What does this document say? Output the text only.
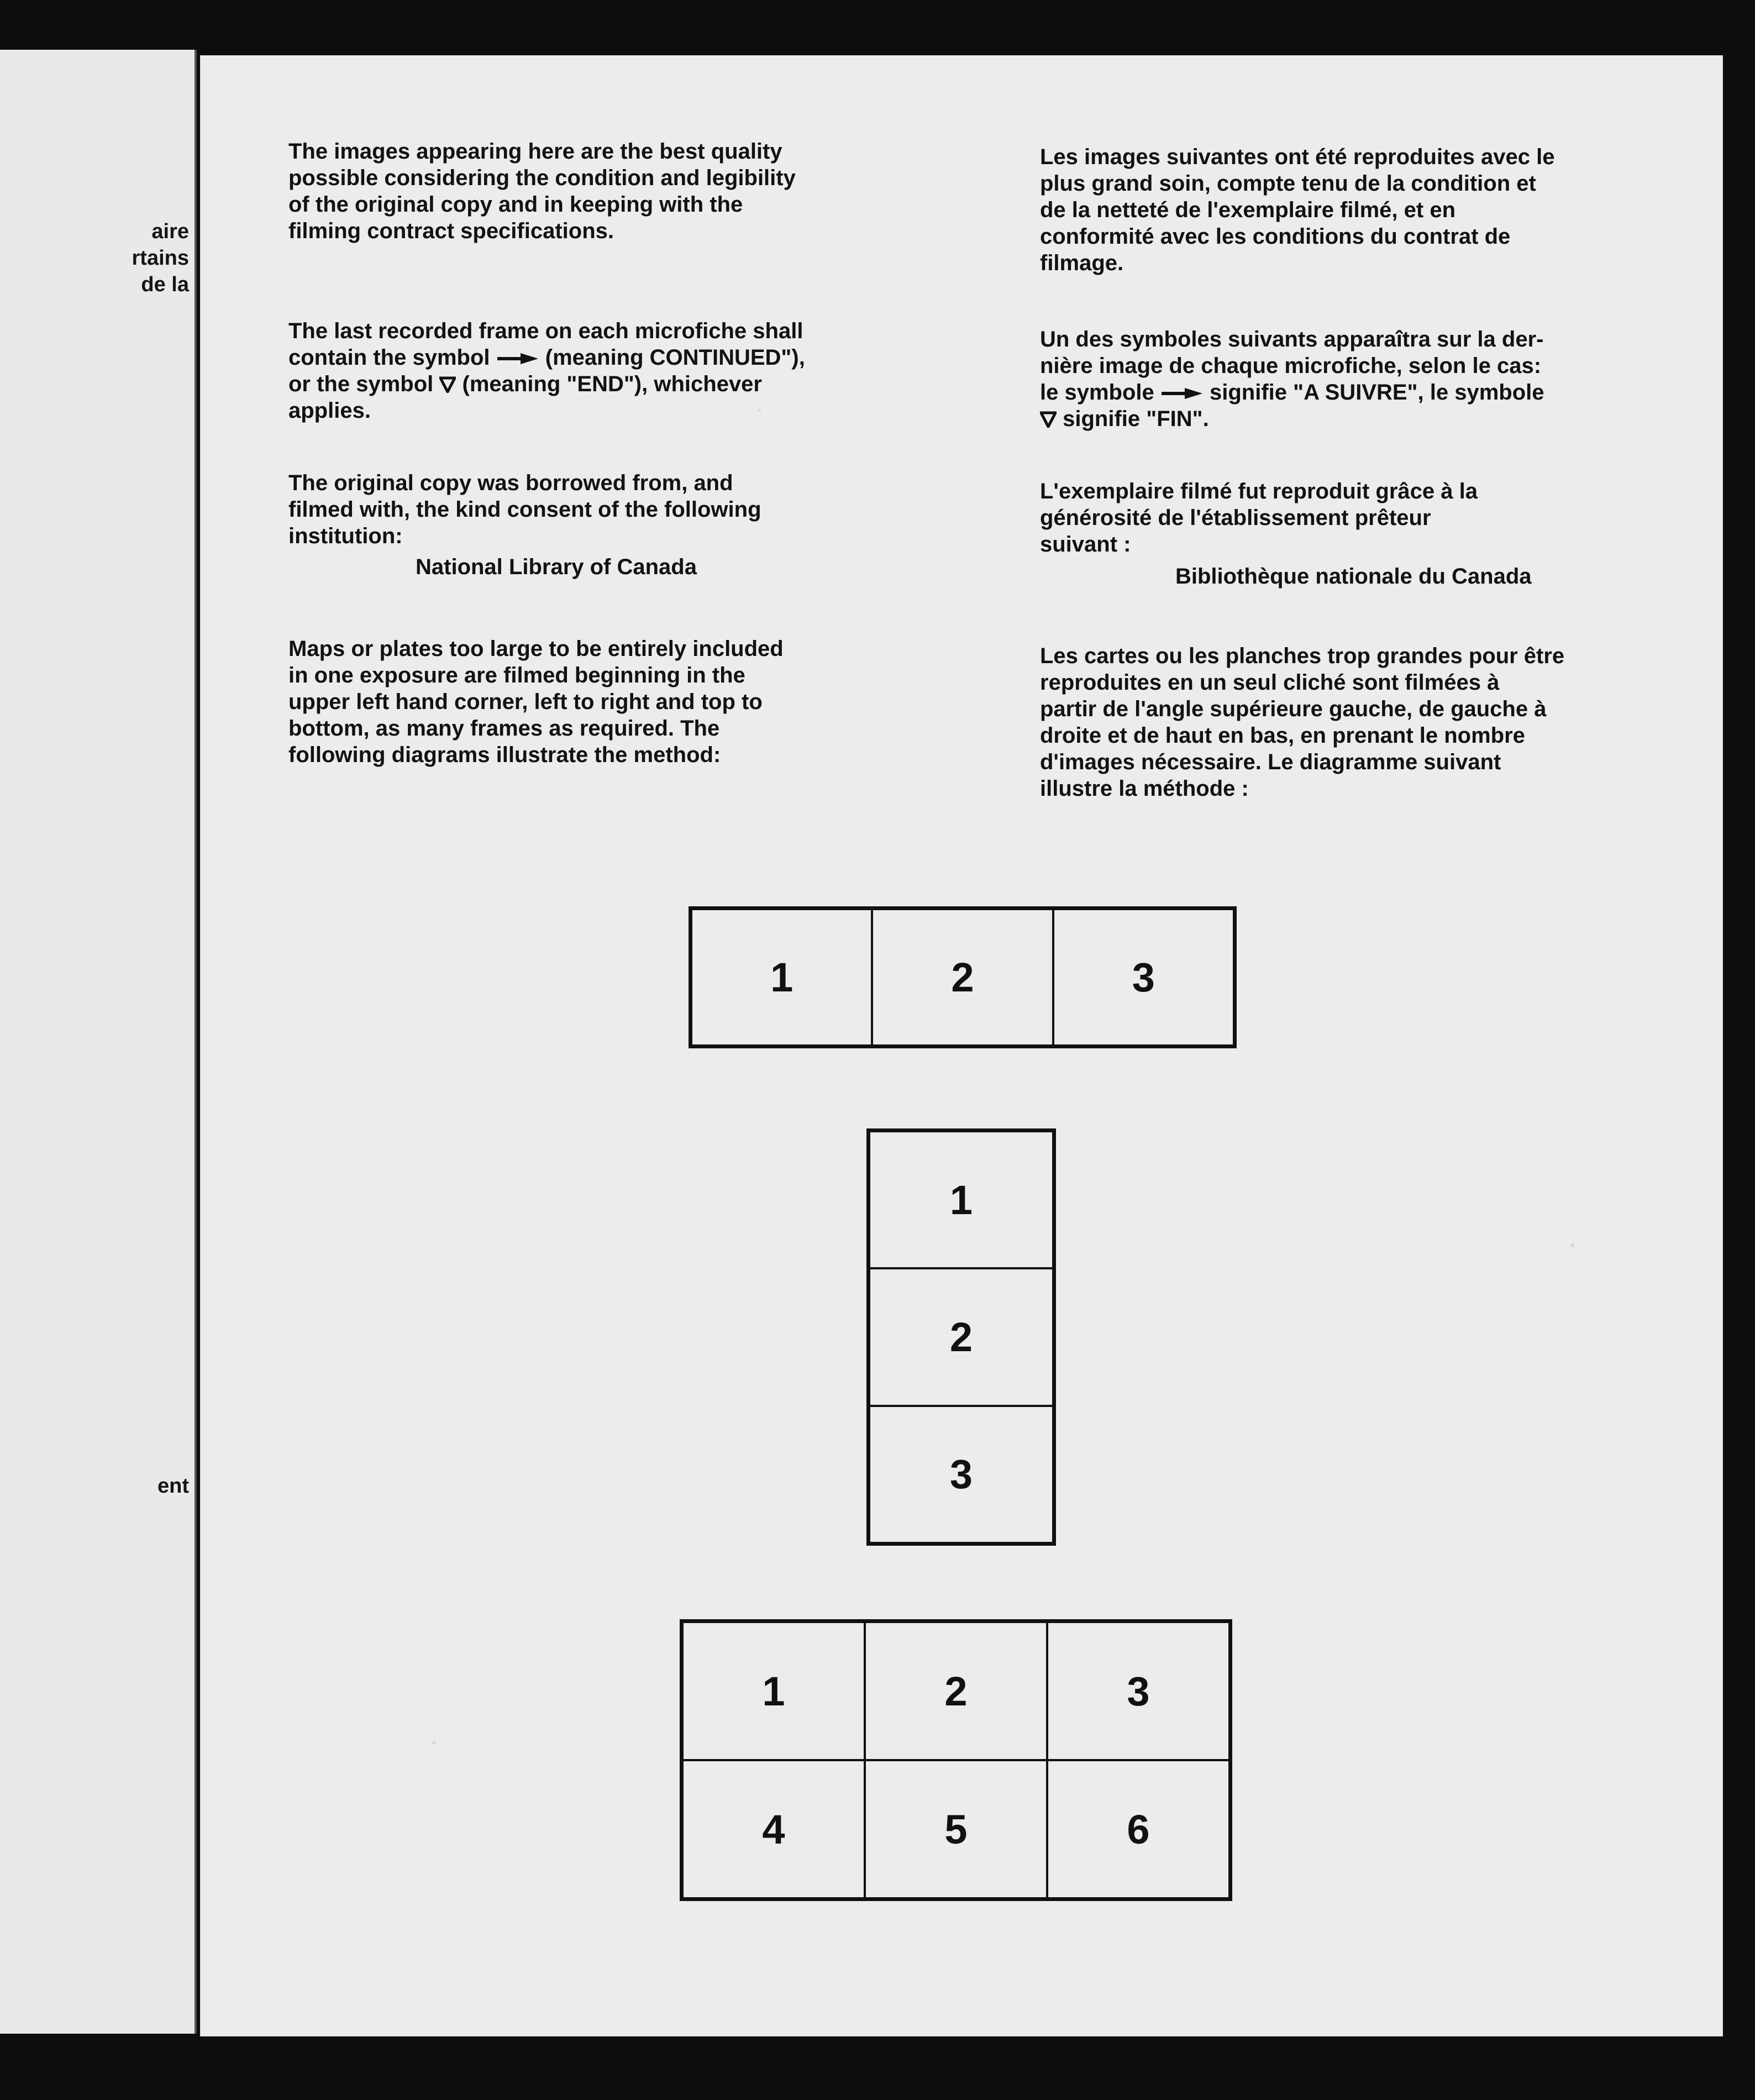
aire
rtains
de la
ent

The images appearing here are the best quality
possible considering the condition and legibility
of the original copy and in keeping with the
filming contract specifications.

The last recorded frame on each microfiche shall
contain the symbol	(meaning CONTINUED"),
or the symbol (meaning "END"), whichever
applies.

The original copy was borrowed from, and
filmed with, the kind consent of the following
institution:
National Library of Canada

Maps or plates too large to be entirely included
in one exposure are filmed beginning in the
upper left hand corner, left to right and top to
bottom, as many frames as required. The
following diagrams illustrate the method:

Les images suivantes ont été reproduites avec le
plus grand soin, compte tenu de la condition et
de la netteté de l'exemplaire filmé, et en
conformité avec les conditions du contrat de
filmage.

Un des symboles suivants apparaîtra sur la der-
nière image de chaque microfiche, selon le cas:
le symbole	signifie "A SUIVRE", le symbole
signifie "FIN".

L'exemplaire filmé fut reproduit grâce à la
générosité de l'établissement prêteur
suivant :
Bibliothèque nationale du Canada

Les cartes ou les planches trop grandes pour être
reproduites en un seul cliché sont filmées à
partir de l'angle supérieure gauche, de gauche à
droite et de haut en bas, en prenant le nombre
d'images nécessaire. Le diagramme suivant
illustre la méthode :

1	2	3
1
2
3
1	2	3
4	5	6
